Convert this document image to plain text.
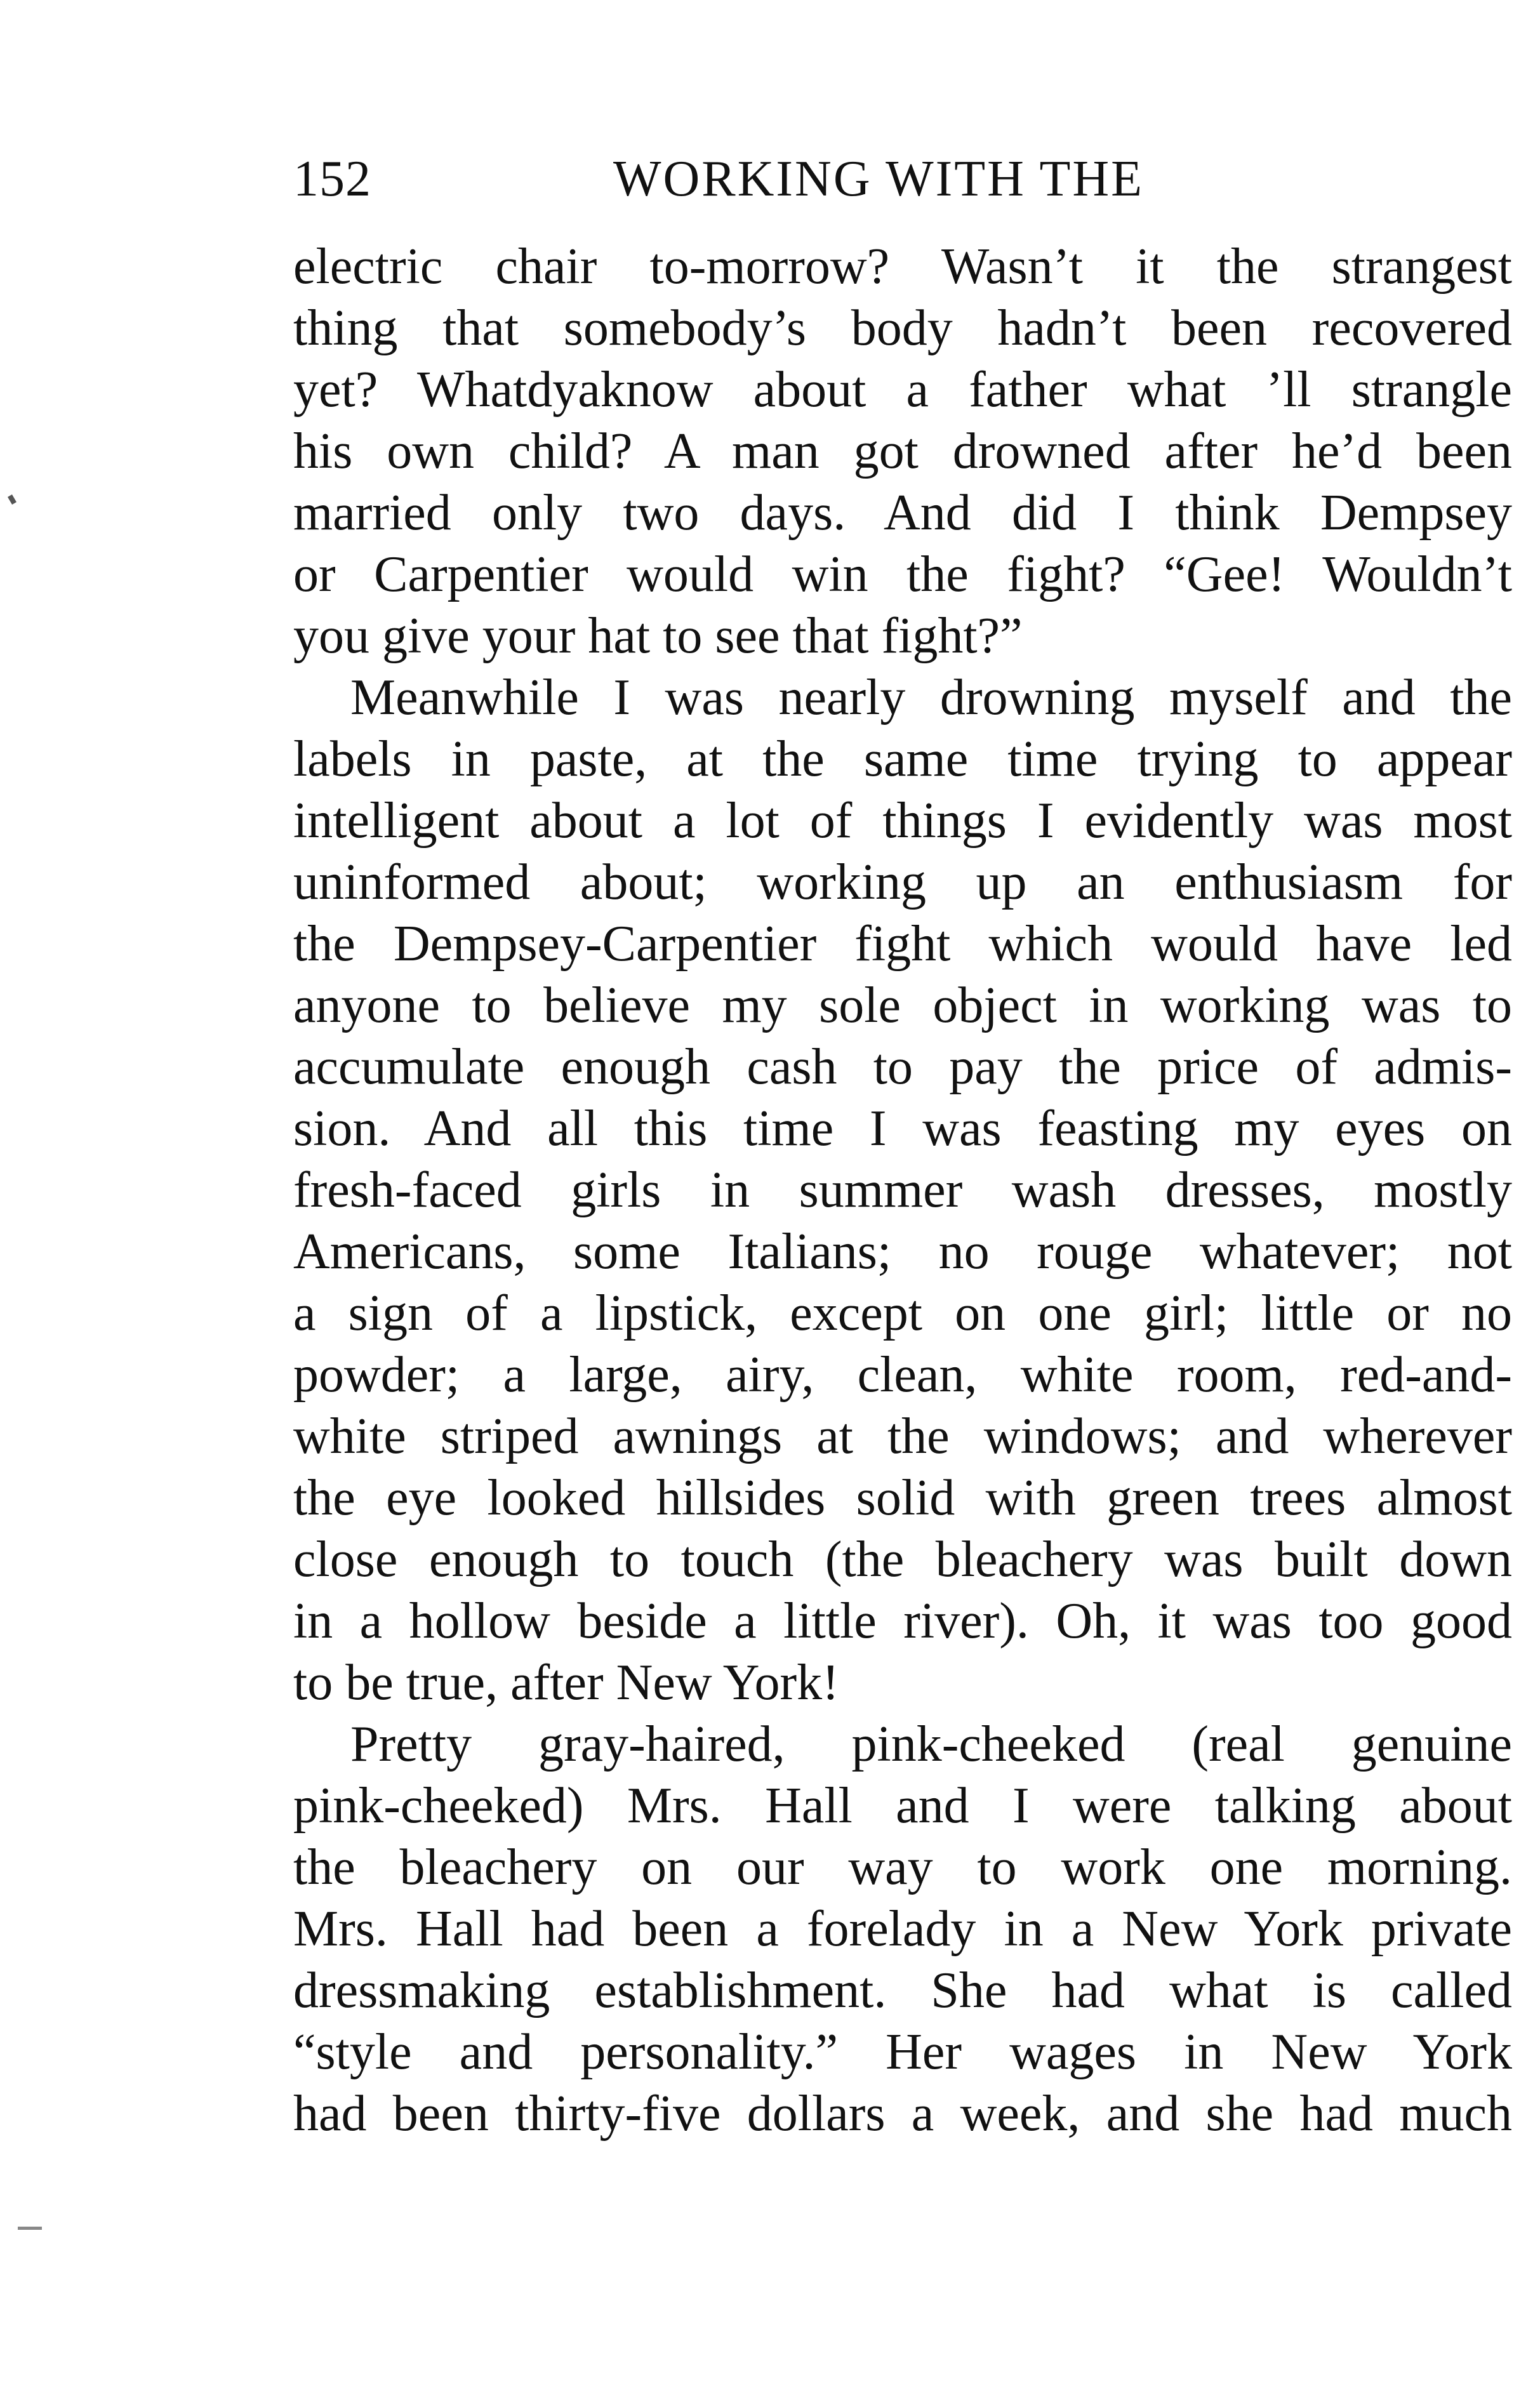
152	WORKING WITH THE
electric chair to-morrow? Wasn’t it the strangest
thing that somebody’s body hadn’t been recovered
yet? Whatdyaknow about a father what ’ll strangle
his own child? A man got drowned after he’d been
married only two days. And did I think Dempsey
or Carpentier would win the fight? “Gee! Wouldn’t
you give your hat to see that fight?”
Meanwhile I was nearly drowning myself and the
labels in paste, at the same time trying to appear
intelligent about a lot of things I evidently was most
uninformed about; working up an enthusiasm for
the Dempsey-Carpentier fight which would have led
anyone to believe my sole object in working was to
accumulate enough cash to pay the price of admis-
sion. And all this time I was feasting my eyes on
fresh-faced girls in summer wash dresses, mostly
Americans, some Italians; no rouge whatever; not
a sign of a lipstick, except on one girl; little or no
powder; a large, airy, clean, white room, red-and-
white striped awnings at the windows; and wherever
the eye looked hillsides solid with green trees almost
close enough to touch (the bleachery was built down
in a hollow beside a little river). Oh, it was too good
to be true, after New York!
Pretty gray-haired, pink-cheeked (real genuine
pink-cheeked) Mrs. Hall and I were talking about
the bleachery on our way to work one morning.
Mrs. Hall had been a forelady in a New York private
dressmaking establishment. She had what is called
“style and personality.” Her wages in New York
had been thirty-five dollars a week, and she had much
